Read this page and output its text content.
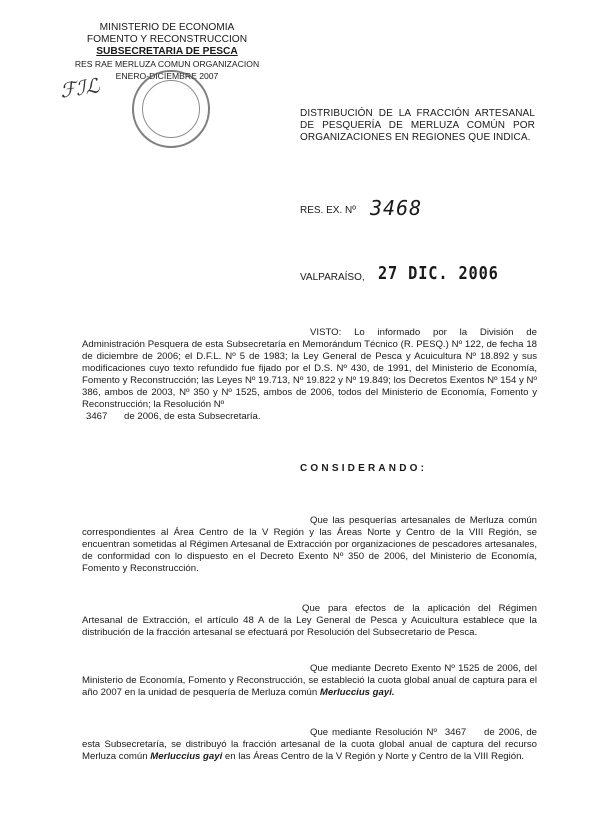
MINISTERIO DE ECONOMIA
FOMENTO Y RECONSTRUCCION
SUBSECRETARIA DE PESCA
RES RAE MERLUZA COMUN ORGANIZACION
ENERO-DICIEMBRE 2007
ℱℐℒ
DISTRIBUCIÓN DE LA FRACCIÓN ARTESANAL DE PESQUERÍA DE MERLUZA COMÚN POR ORGANIZACIONES EN REGIONES QUE INDICA.
RES. EX. Nº 3468
VALPARAÍSO, 27 DIC. 2006
VISTO: Lo informado por la División de Administración Pesquera de esta Subsecretaría en Memorándum Técnico (R. PESQ.) Nº 122, de fecha 18 de diciembre de 2006; el D.F.L. Nº 5 de 1983; la Ley General de Pesca y Acuicultura Nº 18.892 y sus modificaciones cuyo texto refundido fue fijado por el D.S. Nº 430, de 1991, del Ministerio de Economía, Fomento y Reconstrucción; las Leyes Nº 19.713, Nº 19.822 y Nº 19.849; los Decretos Exentos Nº 154 y Nº 386, ambos de 2003, Nº 350 y Nº 1525, ambos de 2006, todos del Ministerio de Economía, Fomento y Reconstrucción; la Resolución Nº
3467 de 2006, de esta Subsecretaría.
CONSIDERANDO:
Que las pesquerías artesanales de Merluza común correspondientes al Área Centro de la V Región y las Áreas Norte y Centro de la VIII Región, se encuentran sometidas al Régimen Artesanal de Extracción por organizaciones de pescadores artesanales, de conformidad con lo dispuesto en el Decreto Exento Nº 350 de 2006, del Ministerio de Economía, Fomento y Reconstrucción.
Que para efectos de la aplicación del Régimen Artesanal de Extracción, el artículo 48 A de la Ley General de Pesca y Acuicultura establece que la distribución de la fracción artesanal se efectuará por Resolución del Subsecretario de Pesca.
Que mediante Decreto Exento Nº 1525 de 2006, del Ministerio de Economía, Fomento y Reconstrucción, se estableció la cuota global anual de captura para el año 2007 en la unidad de pesquería de Merluza común Merluccius gayi.
Que mediante Resolución Nº 3467 de 2006, de esta Subsecretaría, se distribuyó la fracción artesanal de la cuota global anual de captura del recurso Merluza común Merluccius gayi en las Áreas Centro de la V Región y Norte y Centro de la VIII Región.
